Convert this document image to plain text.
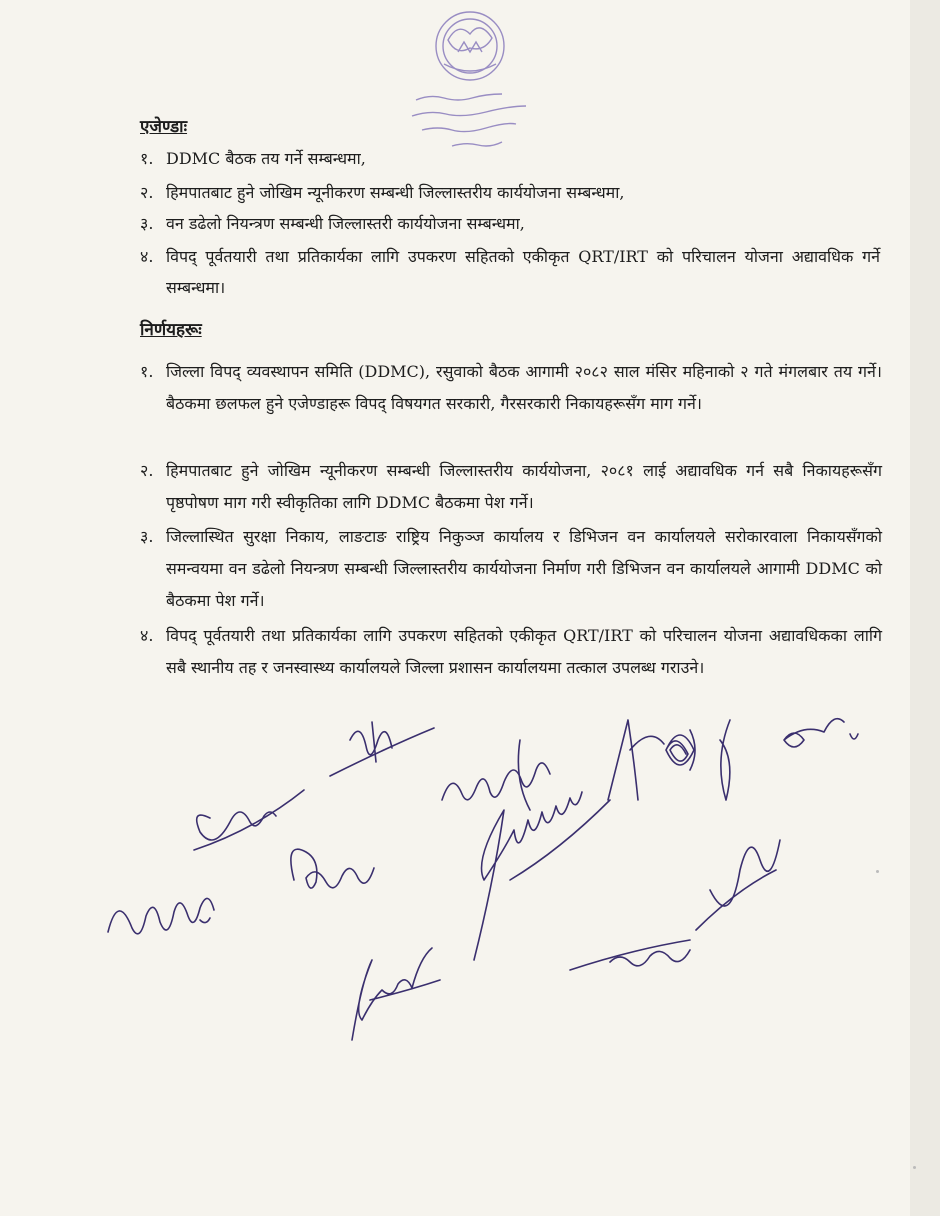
एजेण्डाः
१. DDMC बैठक तय गर्ने सम्बन्धमा,
२. हिमपातबाट हुने जोखिम न्यूनीकरण सम्बन्धी जिल्लास्तरीय कार्ययोजना सम्बन्धमा,
३. वन डढेलो नियन्त्रण सम्बन्धी जिल्लास्तरी कार्ययोजना सम्बन्धमा,
४. विपद् पूर्वतयारी तथा प्रतिकार्यका लागि उपकरण सहितको एकीकृत QRT/IRT को परिचालन योजना अद्यावधिक गर्ने सम्बन्धमा।
निर्णयहरूः
१. जिल्ला विपद् व्यवस्थापन समिति (DDMC), रसुवाको बैठक आगामी २०८२ साल मंसिर महिनाको २ गते मंगलबार तय गर्ने। बैठकमा छलफल हुने एजेण्डाहरू विपद् विषयगत सरकारी, गैरसरकारी निकायहरूसँग माग गर्ने।
२. हिमपातबाट हुने जोखिम न्यूनीकरण सम्बन्धी जिल्लास्तरीय कार्ययोजना, २०८१ लाई अद्यावधिक गर्न सबै निकायहरूसँग पृष्ठपोषण माग गरी स्वीकृतिका लागि DDMC बैठकमा पेश गर्ने।
३. जिल्लास्थित सुरक्षा निकाय, लाङटाङ राष्ट्रिय निकुञ्ज कार्यालय र डिभिजन वन कार्यालयले सरोकारवाला निकायसँगको समन्वयमा वन डढेलो नियन्त्रण सम्बन्धी जिल्लास्तरीय कार्ययोजना निर्माण गरी डिभिजन वन कार्यालयले आगामी DDMC को बैठकमा पेश गर्ने।
४. विपद् पूर्वतयारी तथा प्रतिकार्यका लागि उपकरण सहितको एकीकृत QRT/IRT को परिचालन योजना अद्यावधिकका लागि सबै स्थानीय तह र जनस्वास्थ्य कार्यालयले जिल्ला प्रशासन कार्यालयमा तत्काल उपलब्ध गराउने।
